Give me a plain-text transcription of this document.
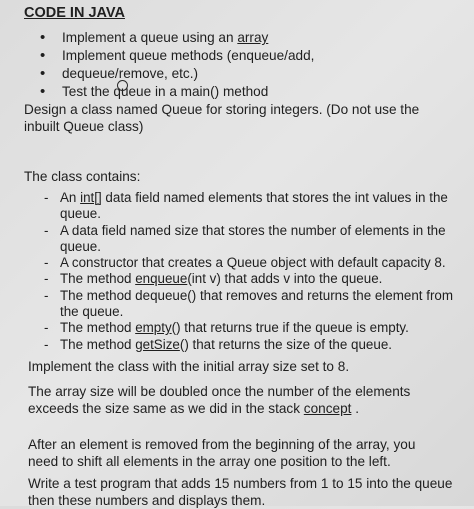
CODE IN JAVA
• Implement a queue using an array
• Implement queue methods (enqueue/add,
• dequeue/remove, etc.)
• Test the queue in a main() method

Design a class named Queue for storing integers. (Do not use the inbuilt Queue class)

The class contains:

- An int[] data field named elements that stores the int values in the queue.
- A data field named size that stores the number of elements in the queue.
- A constructor that creates a Queue object with default capacity 8.
- The method enqueue(int v) that adds v into the queue.
- The method dequeue() that removes and returns the element from the queue.
- The method empty() that returns true if the queue is empty.
- The method getSize() that returns the size of the queue.

Implement the class with the initial array size set to 8.

The array size will be doubled once the number of the elements exceeds the size same as we did in the stack concept .

After an element is removed from the beginning of the array, you need to shift all elements in the array one position to the left.

Write a test program that adds 15 numbers from 1 to 15 into the queue then these numbers and displays them.
